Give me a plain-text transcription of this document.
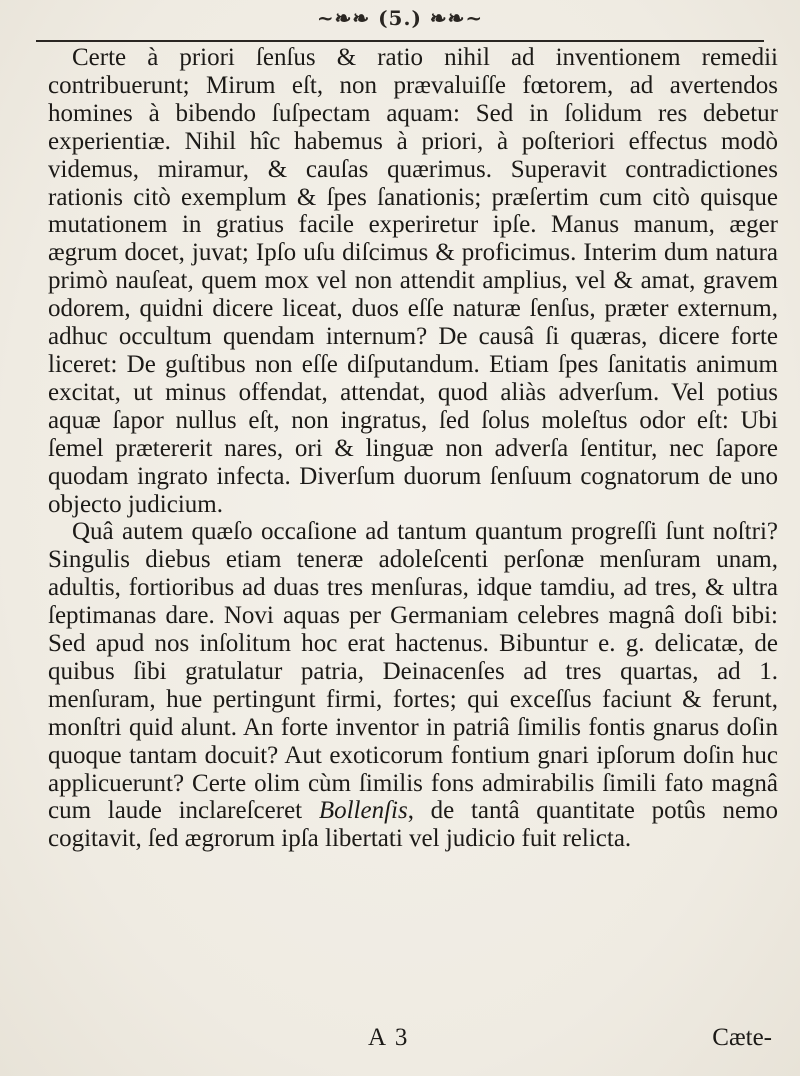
~❧❧ (5.) ❧❧~

Certe à priori ſenſus & ratio nihil ad inventionem remedii contribuerunt; Mirum eſt, non prævaluiſſe fœtorem, ad avertendos homines à bibendo ſuſpectam aquam: Sed in ſolidum res debetur experientiæ. Nihil hîc habemus à priori, à poſteriori effectus modò videmus, miramur, & cauſas quærimus. Superavit contradictiones rationis citò exemplum & ſpes ſanationis; præſertim cum citò quisque mutationem in gratius facile experiretur ipſe. Manus manum, æger ægrum docet, juvat; Ipſo uſu diſcimus & proficimus. Interim dum natura primò nauſeat, quem mox vel non attendit amplius, vel & amat, gravem odorem, quidni dicere liceat, duos eſſe naturæ ſenſus, præter externum, adhuc occultum quendam internum? De causâ ſi quæras, dicere forte liceret: De guſtibus non eſſe diſputandum. Etiam ſpes ſanitatis animum excitat, ut minus offendat, attendat, quod aliàs adverſum. Vel potius aquæ ſapor nullus eſt, non ingratus, ſed ſolus moleſtus odor eſt: Ubi ſemel prætererit nares, ori & linguæ non adverſa ſentitur, nec ſapore quodam ingrato infecta. Diverſum duorum ſenſuum cognatorum de uno objecto judicium.

Quâ autem quæſo occaſione ad tantum quantum progreſſi ſunt noſtri? Singulis diebus etiam teneræ adoleſcenti perſonæ menſuram unam, adultis, fortioribus ad duas tres menſuras, idque tamdiu, ad tres, & ultra ſeptimanas dare. Novi aquas per Germaniam celebres magnâ doſi bibi: Sed apud nos inſolitum hoc erat hactenus. Bibuntur e. g. delicatæ, de quibus ſibi gratulatur patria, Deinacenſes ad tres quartas, ad 1. menſuram, hue pertingunt firmi, fortes; qui exceſſus faciunt & ferunt, monſtri quid alunt. An forte inventor in patriâ ſimilis fontis gnarus doſin quoque tantam docuit? Aut exoticorum fontium gnari ipſorum doſin huc applicuerunt? Certe olim cùm ſimilis fons admirabilis ſimili fato magnâ cum laude inclareſceret Bollenſis, de tantâ quantitate potûs nemo cogitavit, ſed ægrorum ipſa libertati vel judicio fuit relicta.

A 3	Cæte-
